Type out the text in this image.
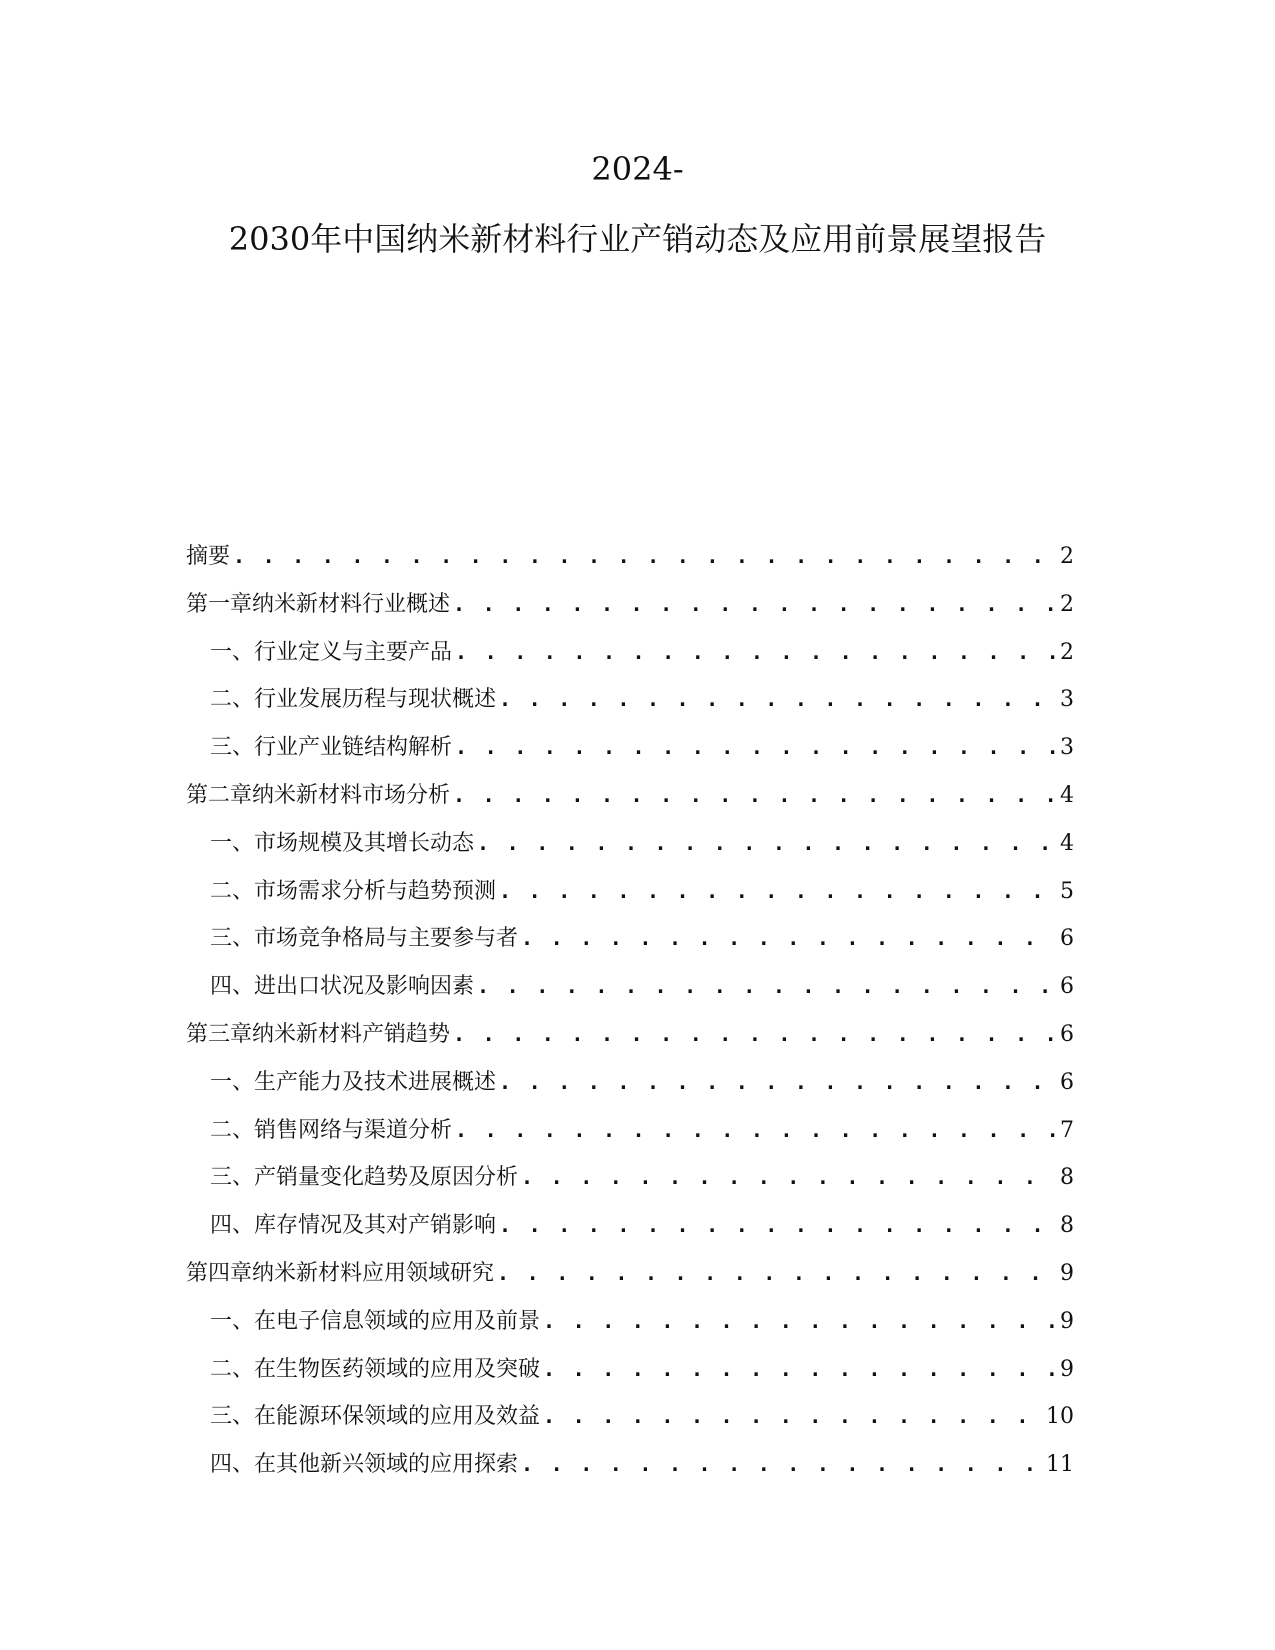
2024-
2030年中国纳米新材料行业产销动态及应用前景展望报告
摘要 . . .	2
第一章 纳米新材料行业概述 . . .	2
一、 行业定义与主要产品 . . .	2
二、 行业发展历程与现状概述 . . .	3
三、 行业产业链结构解析 . . .	3
第二章 纳米新材料市场分析 . . .	4
一、 市场规模及其增长动态 . . .	4
二、 市场需求分析与趋势预测 . . .	5
三、 市场竞争格局与主要参与者 . . .	6
四、 进出口状况及影响因素 . . .	6
第三章 纳米新材料产销趋势 . . .	6
一、 生产能力及技术进展概述 . . .	6
二、 销售网络与渠道分析 . . .	7
三、 产销量变化趋势及原因分析 . . .	8
四、 库存情况及其对产销影响 . . .	8
第四章 纳米新材料应用领域研究 . . .	9
一、 在电子信息领域的应用及前景 . . .	9
二、 在生物医药领域的应用及突破 . . .	9
三、 在能源环保领域的应用及效益 . . .	10
四、 在其他新兴领域的应用探索 . . .	11
